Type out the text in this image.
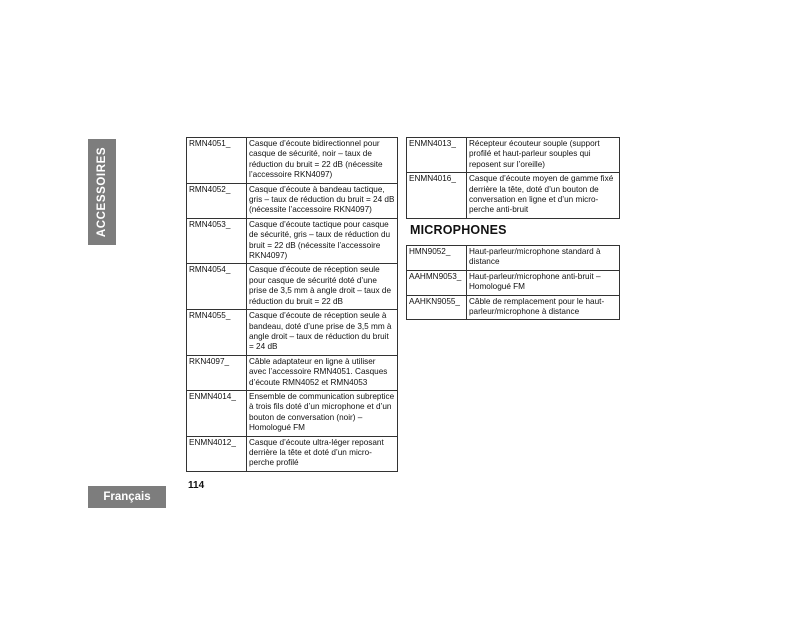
ACCESSOIRES
RMN4051_	Casque d’écoute bidirectionnel pour casque de sécurité, noir – taux de réduction du bruit = 22 dB (nécessite l’accessoire RKN4097)
RMN4052_	Casque d’écoute à bandeau tactique, gris – taux de réduction du bruit = 24 dB (nécessite l’accessoire RKN4097)
RMN4053_	Casque d’écoute tactique pour casque de sécurité, gris – taux de réduction du bruit = 22 dB (nécessite l’accessoire RKN4097)
RMN4054_	Casque d’écoute de réception seule pour casque de sécurité doté d’une prise de 3,5 mm à angle droit – taux de réduction du bruit = 22 dB
RMN4055_	Casque d’écoute de réception seule à bandeau, doté d’une prise de 3,5 mm à angle droit – taux de réduction du bruit = 24 dB
RKN4097_	Câble adaptateur en ligne à utiliser avec l’accessoire RMN4051. Casques d’écoute RMN4052 et RMN4053
ENMN4014_	Ensemble de communication subreptice à trois fils doté d’un microphone et d’un bouton de conversation (noir) – Homologué FM
ENMN4012_	Casque d’écoute ultra-léger reposant derrière la tête et doté d’un micro-perche profilé
ENMN4013_	Récepteur écouteur souple (support profilé et haut-parleur souples qui reposent sur l’oreille)
ENMN4016_	Casque d’écoute moyen de gamme fixé derrière la tête, doté d’un bouton de conversation en ligne et d’un micro-perche anti-bruit
MICROPHONES
HMN9052_	Haut-parleur/microphone standard à distance
AAHMN9053_	Haut-parleur/microphone anti-bruit – Homologué FM
AAHKN9055_	Câble de remplacement pour le haut-parleur/microphone à distance
114
Français
